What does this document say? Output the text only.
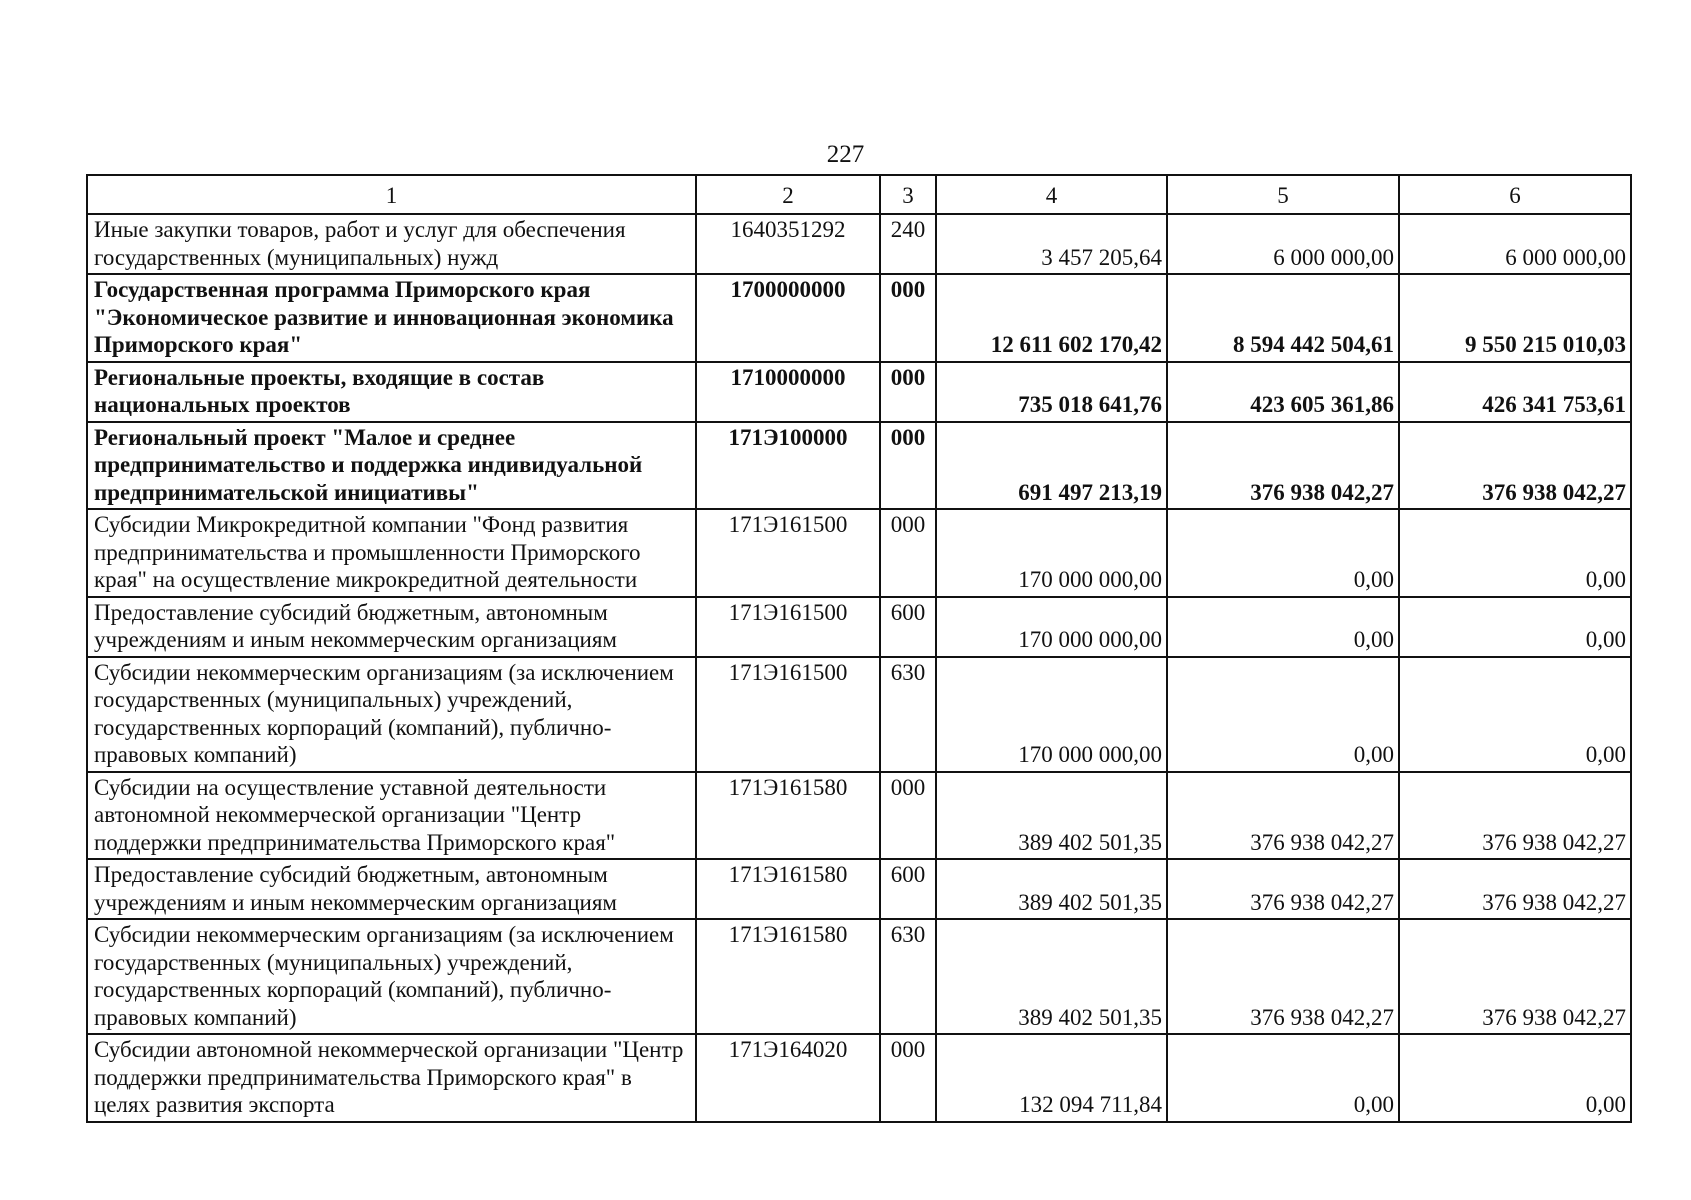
227
1	2	3	4	5	6
Иные закупки товаров, работ и услуг для обеспечения государственных (муниципальных) нужд	1640351292	240	3 457 205,64	6 000 000,00	6 000 000,00
Государственная программа Приморского края "Экономическое развитие и инновационная экономика Приморского края"	1700000000	000	12 611 602 170,42	8 594 442 504,61	9 550 215 010,03
Региональные проекты, входящие в состав национальных проектов	1710000000	000	735 018 641,76	423 605 361,86	426 341 753,61
Региональный проект "Малое и среднее предпринимательство и поддержка индивидуальной предпринимательской инициативы"	171Э100000	000	691 497 213,19	376 938 042,27	376 938 042,27
Субсидии Микрокредитной компании "Фонд развития предпринимательства и промышленности Приморского края" на осуществление микрокредитной деятельности	171Э161500	000	170 000 000,00	0,00	0,00
Предоставление субсидий бюджетным, автономным учреждениям и иным некоммерческим организациям	171Э161500	600	170 000 000,00	0,00	0,00
Субсидии некоммерческим организациям (за исключением государственных (муниципальных) учреждений, государственных корпораций (компаний), публично-правовых компаний)	171Э161500	630	170 000 000,00	0,00	0,00
Субсидии на осуществление уставной деятельности автономной некоммерческой организации "Центр поддержки предпринимательства Приморского края"	171Э161580	000	389 402 501,35	376 938 042,27	376 938 042,27
Предоставление субсидий бюджетным, автономным учреждениям и иным некоммерческим организациям	171Э161580	600	389 402 501,35	376 938 042,27	376 938 042,27
Субсидии некоммерческим организациям (за исключением государственных (муниципальных) учреждений, государственных корпораций (компаний), публично-правовых компаний)	171Э161580	630	389 402 501,35	376 938 042,27	376 938 042,27
Субсидии автономной некоммерческой организации "Центр поддержки предпринимательства Приморского края" в целях развития экспорта	171Э164020	000	132 094 711,84	0,00	0,00
